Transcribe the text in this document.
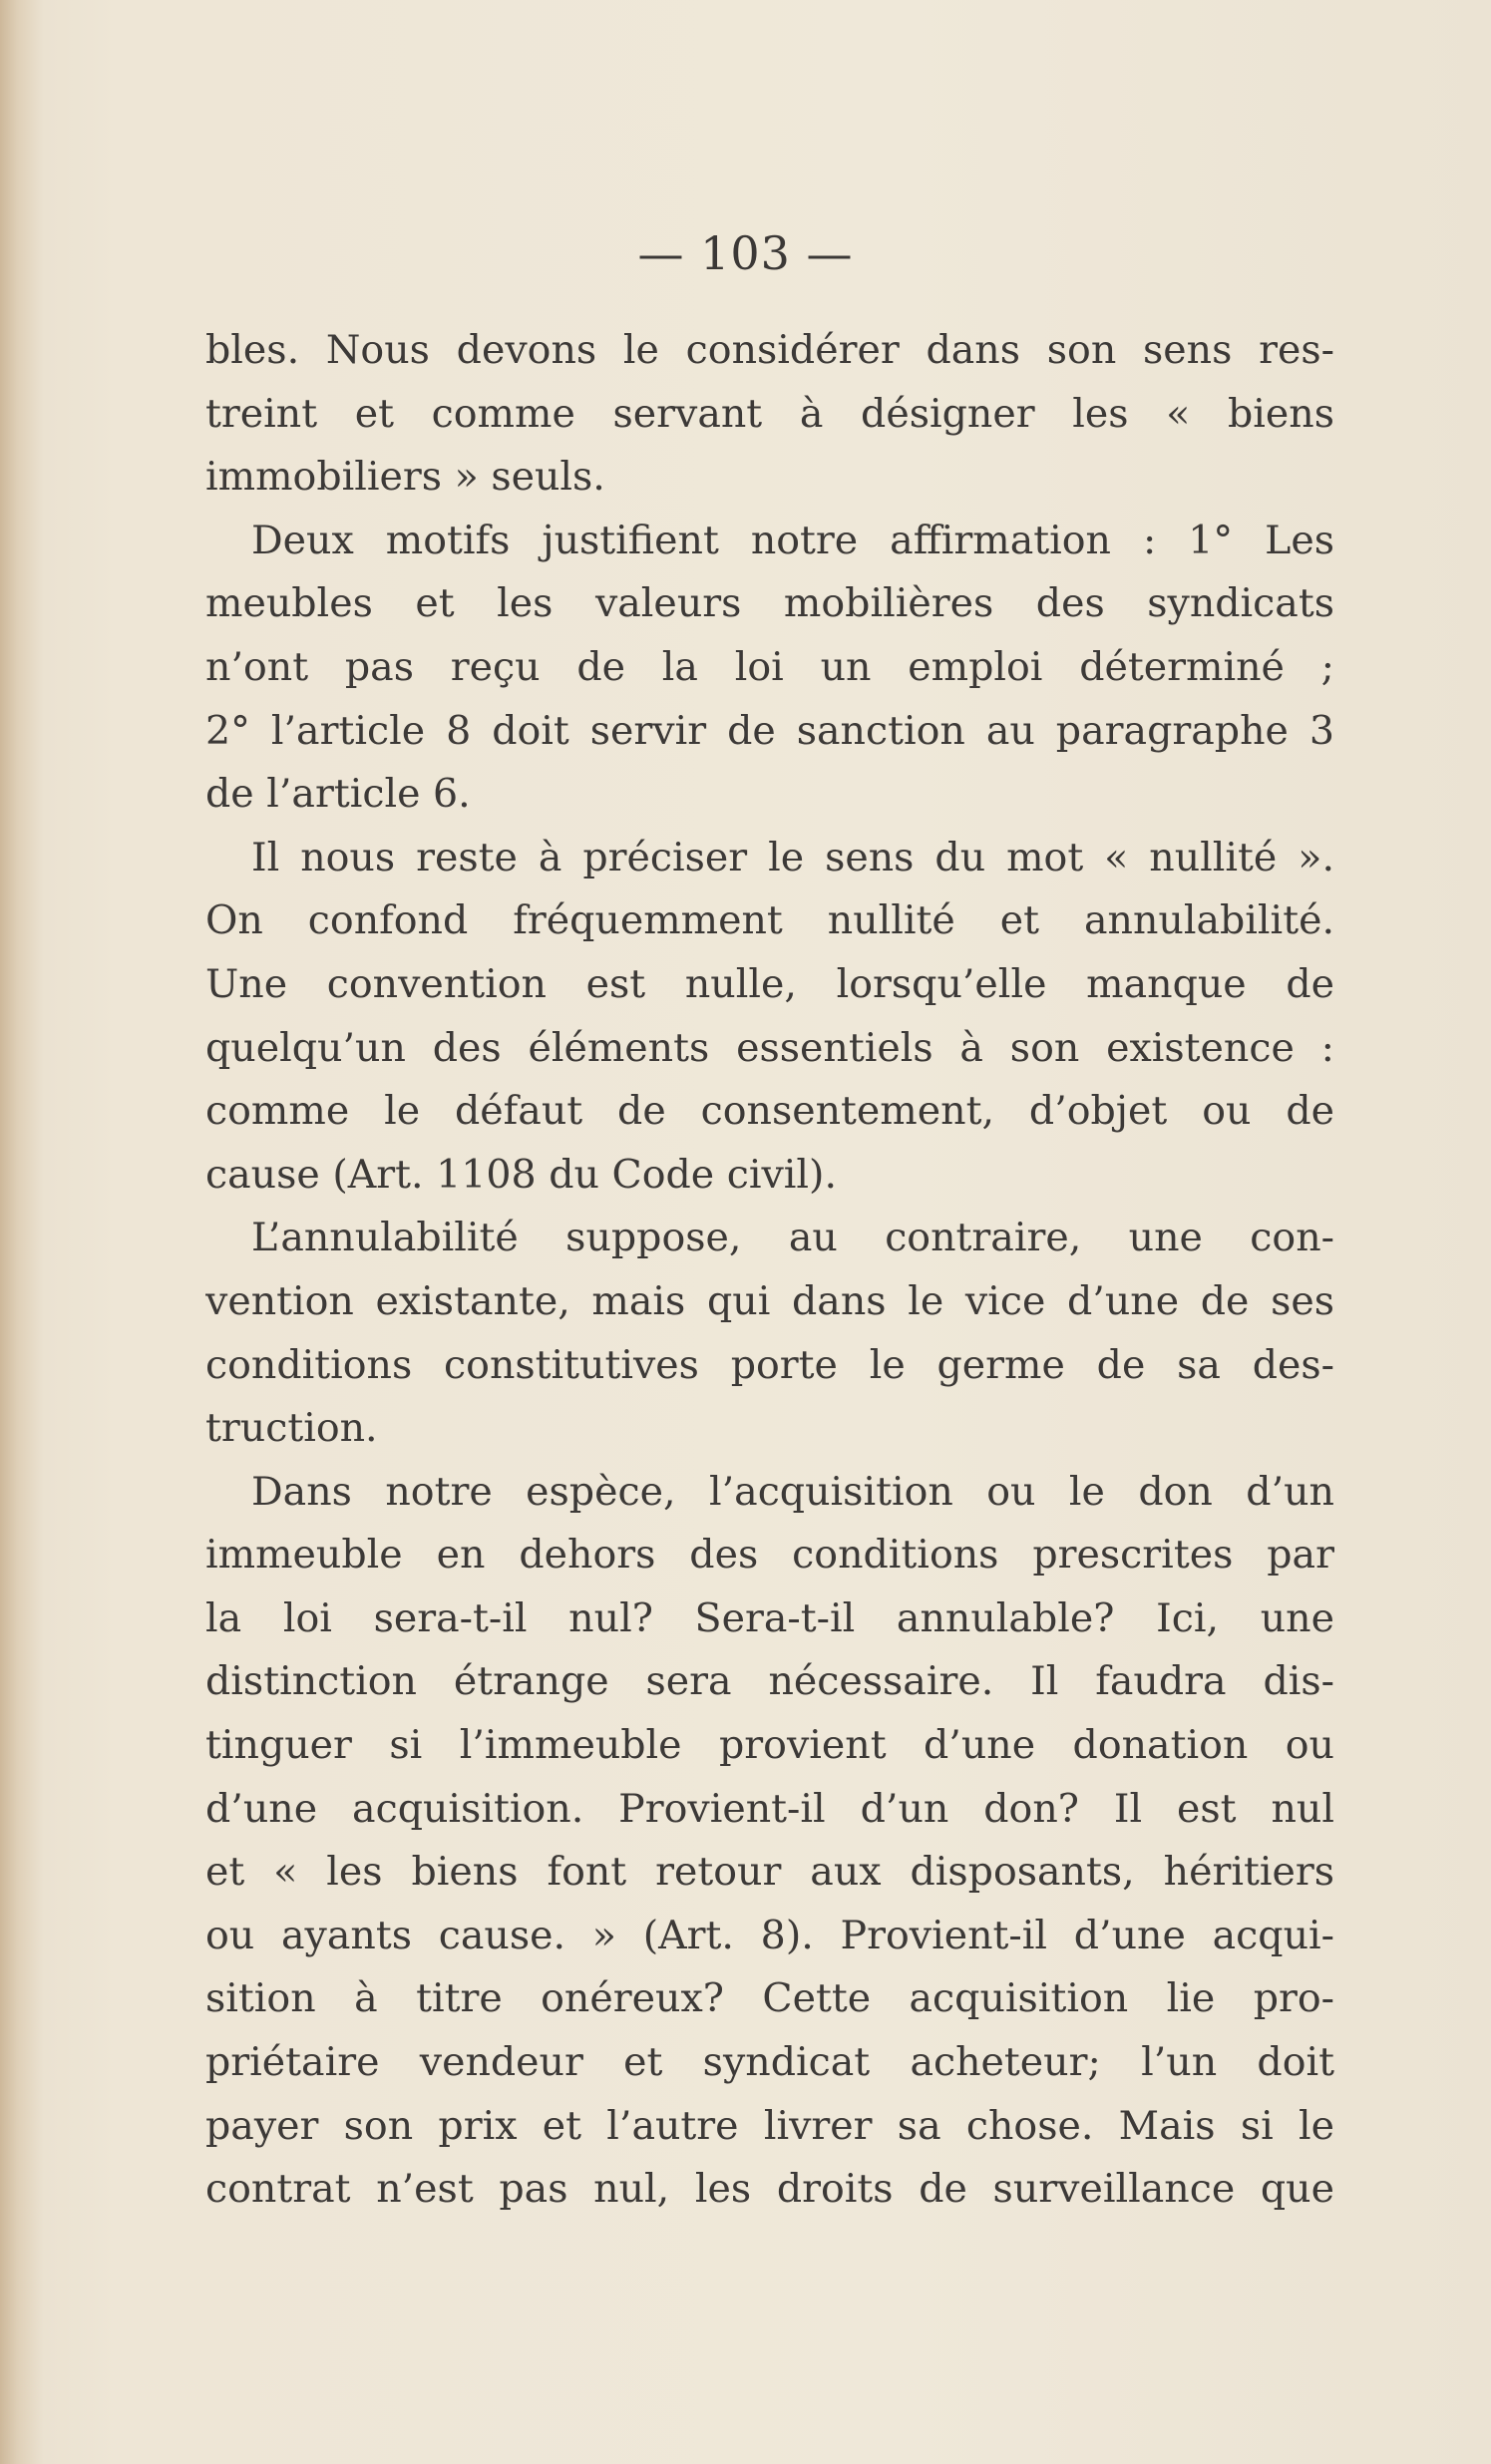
— 103 —

bles. Nous devons le considérer dans son sens res-
treint et comme servant à désigner les « biens
immobiliers » seuls.
Deux motifs justifient notre affirmation : 1° Les
meubles et les valeurs mobilières des syndicats
n’ont pas reçu de la loi un emploi déterminé ;
2° l’article 8 doit servir de sanction au paragraphe 3
de l’article 6.
Il nous reste à préciser le sens du mot « nullité ».
On confond fréquemment nullité et annulabilité.
Une convention est nulle, lorsqu’elle manque de
quelqu’un des éléments essentiels à son existence :
comme le défaut de consentement, d’objet ou de
cause (Art. 1108 du Code civil).
L’annulabilité suppose, au contraire, une con-
vention existante, mais qui dans le vice d’une de ses
conditions constitutives porte le germe de sa des-
truction.
Dans notre espèce, l’acquisition ou le don d’un
immeuble en dehors des conditions prescrites par
la loi sera-t-il nul? Sera-t-il annulable? Ici, une
distinction étrange sera nécessaire. Il faudra dis-
tinguer si l’immeuble provient d’une donation ou
d’une acquisition. Provient-il d’un don? Il est nul
et « les biens font retour aux disposants, héritiers
ou ayants cause. » (Art. 8). Provient-il d’une acqui-
sition à titre onéreux? Cette acquisition lie pro-
priétaire vendeur et syndicat acheteur; l’un doit
payer son prix et l’autre livrer sa chose. Mais si le
contrat n’est pas nul, les droits de surveillance que
